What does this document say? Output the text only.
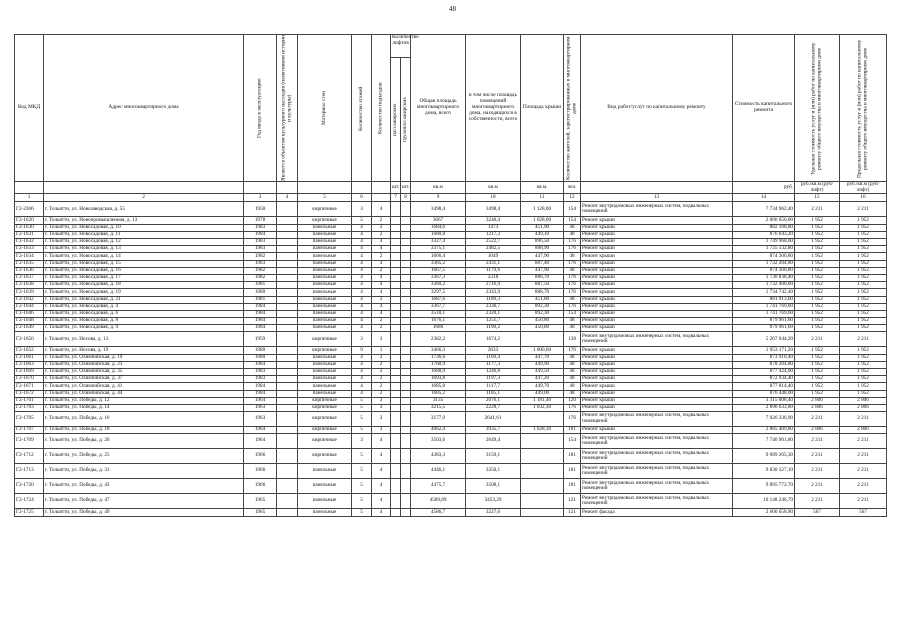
48
Код МКД	Адрес многоквартирного дома	Год ввода в эксплуатацию	Является объектом культурного наследия (памятником истории и культуры)	Материал стен	Количество этажей	Количество подъездов	Количество лифтов		Общая площадь многоквартирного дома, всего	в том числе площадь помещений многоквартирного дома, находящихся в собственности, всего	Площадь крыши	Количество жителей, зарегистрированных в многоквартирном доме	Вид работ/услуг по капитальному ремонту	Стоимость капитального ремонта	Удельная стоимость услуг и (или) работ по капитальному ремонту общего имущества в многоквартирном доме	Предельная стоимость услуг и (или) работ по капитальному ремонту общего имущества в многоквартирном доме
							пассажирских	грузопассажирских								
							шт.	шт.	кв.м	кв.м	кв.м.	чел.		руб.	руб./кв.м (руб/лифт)	руб./кв.м (руб/лифт)
1	2	3	4	5	6		7	8	9	10	11	12	13	14	15	16
Г2-2306	г. Тольятти, ул. Новозаводская, д. 55	1958		кирпичные	3	4			3498,4	3498,4	1 128,00	154	Ремонт внутридомовых инженерных систем, подвальных помещений	7 734 962,40	2 211	2 211
Г2-1620	г. Тольятти, ул. Новопромышленная, д. 13	1978		кирпичные	5	2			3667	3240,4	1 028,00	154	Ремонт крыши	2 006 656,00	1 952	1 952
Г2-1630	г. Тольятти, ул. Новосадовая, д. 10	1983		панельные	4	2			1684,6	1473	451,90	48	Ремонт крыши	882 108,80	1 952	1 952
Г2-1631	г. Тольятти, ул. Новосадовая, д. 11	1984		панельные	4	2			1680,8	1217,3	449,10	48	Ремонт крыши	876 643,20	1 952	1 952
Г2-1632	г. Тольятти, ул. Новосадовая, д. 12	1983		панельные	4	4			3327,4	2522,7	896,50	176	Ремонт крыши	1 749 968,00	1 952	1 952
Г2-1633	г. Тольятти, ул. Новосадовая, д. 13	1983		панельные	4	4			3375,1	2482,5	888,90	176	Ремонт крыши	1 735 132,80	1 952	1 952
Г2-1634	г. Тольятти, ул. Новосадовая, д. 14	1982		панельные	4	2			1666,4	1049	447,90	48	Ремонт крыши	874 300,80	1 952	1 952
Г2-1635	г. Тольятти, ул. Новосадовая, д. 15	1983		панельные	4	4			3385,2	2431,1	887,40	176	Ремонт крыши	1 732 204,80	1 952	1 952
Г2-1636	г. Тольятти, ул. Новосадовая, д. 16	1982		панельные	4	2			1667,5	1179,6	447,90	48	Ремонт крыши	874 300,80	1 952	1 952
Г2-1637	г. Тольятти, ул. Новосадовая, д. 17	1982		панельные	4	4			3367,3	2318	886,70	176	Ремонт крыши	1 730 838,40	1 952	1 952
Г2-1638	г. Тольятти, ул. Новосадовая, д. 18	1981		панельные	4	4			3360,2	2716,9	887,50	176	Ремонт крыши	1 732 400,00	1 952	1 952
Г2-1639	г. Тольятти, ул. Новосадовая, д. 19	1980		панельные	4	4			3297,5	2343,9	888,70	176	Ремонт крыши	1 734 742,40	1 952	1 952
Г2-1642	г. Тольятти, ул. Новосадовая, д. 21	1981		панельные	4	2			1687,6	1189,3	451,80	48	Ремонт крыши	881 913,60	1 952	1 952
Г2-1644	г. Тольятти, ул. Новосадовая, д. 4	1984		панельные	4	4			3367,7	2336,7	892,30	176	Ремонт крыши	1 741 769,60	1 952	1 952
Г2-1646	г. Тольятти, ул. Новосадовая, д. 6	1984		панельные	4	4			3518,1	2320,1	892,30	154	Ремонт крыши	1 741 769,60	1 952	1 952
Г2-1648	г. Тольятти, ул. Новосадовая, д. 8	1984		панельные	4	2			1676,1	1251,7	450,80	48	Ремонт крыши	879 961,60	1 952	1 952
Г2-1649	г. Тольятти, ул. Новосадовая, д. 9	1984		панельные	4	2			1686	1190,2	450,80	48	Ремонт крыши	879 961,60	1 952	1 952
Г2-1650	г. Тольятти, ул. Носова, д. 13	1959		кирпичные	3	3			2382,2	1674,2		128	Ремонт внутридомовых инженерных систем, подвальных помещений	5 267 044,20	2 211	2 211
Г2-1652	г. Тольятти, ул. Носова, д. 19	1980		кирпичные	9	1			3466,3	2033	1 000,60	176	Ремонт крыши	1 953 171,20	1 952	1 952
Г2-1661	г. Тольятти, ул. Олимпийская, д. 19	1980		панельные	4	2			1736,6	1169,4	447,70	48	Ремонт крыши	873 910,40	1 952	1 952
Г2-1663	г. Тольятти, ул. Олимпийская, д. 23	1984		панельные	4	2			1760,9	1177,3	449,90	48	Ремонт крыши	878 204,80	1 952	1 952
Г2-1669	г. Тольятти, ул. Олимпийская, д. 35	1983		панельные	4	2			1688,9	1246,8	449,50	48	Ремонт крыши	877 424,00	1 952	1 952
Г2-1670	г. Тольятти, ул. Олимпийская, д. 37	1983		панельные	4	2			1693,8	1197,3	447,20	48	Ремонт крыши	872 934,40	1 952	1 952
Г2-1671	г. Тольятти, ул. Олимпийская, д. 41	1984		панельные	4	2			1685,8	1117,7	449,70	48	Ремонт крыши	877 814,40	1 952	1 952
Г2-1672	г. Тольятти, ул. Олимпийская, д. 44	1984		панельные	4	2			1685,2	1185,1	449,00	48	Ремонт крыши	876 448,00	1 952	1 952
Г2-1701	г. Тольятти, ул. Победы, д. 12	1964		кирпичные	5	3			3135	2076,1	1 181,40	120	Ремонт крыши	3 315 008,40	2 806	2 806
Г2-1703	г. Тольятти, ул. Победы, д. 14	1963		кирпичные	5	3			3215,5	2228,7	1 032,30	176	Ремонт крыши	2 896 633,80	2 806	2 806
Г2-1705	г. Тольятти, ул. Победы, д. 16	1963		кирпичные	5	3			3177,9	2641,61		176	Ремонт внутридомовых инженерных систем, подвальных помещений	7 026 336,90	2 211	2 211
Г2-1707	г. Тольятти, ул. Победы, д. 18	1964		кирпичные	5	3			4062,4	3935,7	1 028,30	181	Ремонт крыши	2 885 409,80	2 806	2 806
Г2-1709	г. Тольятти, ул. Победы, д. 20	1964		кирпичные	3	4			3503,6	2649,4		154	Ремонт внутридомовых инженерных систем, подвальных помещений	7 746 901,80	2 211	2 211
Г2-1712	г. Тольятти, ул. Победы, д. 25	1966		кирпичные	5	4			4383,3	3159,1		181	Ремонт внутридомовых инженерных систем, подвальных помещений	9 689 265,30	2 211	2 211
Г2-1713	г. Тольятти, ул. Победы, д. 33	1966		панельные	5	4			4446,1	3350,1		181	Ремонт внутридомовых инженерных систем, подвальных помещений	9 830 327,10	2 211	2 211
Г2-1720	г. Тольятти, ул. Победы, д. 43	1966		панельные	5	4			4475,7	3508,1		181	Ремонт внутридомовых инженерных систем, подвальных помещений	9 895 772,70	2 211	2 211
Г2-1724	г. Тольятти, ул. Победы, д. 47	1965		панельные	5	4			4589,89	3453,29		121	Ремонт внутридомовых инженерных систем, подвальных помещений	10 148 246,79	2 211	2 211
Г2-1725	г. Тольятти, ул. Победы, д. 49	1965		панельные	5	4			4586,7	3227,6		121	Ремонт фасада	2 600 658,90	567	567
